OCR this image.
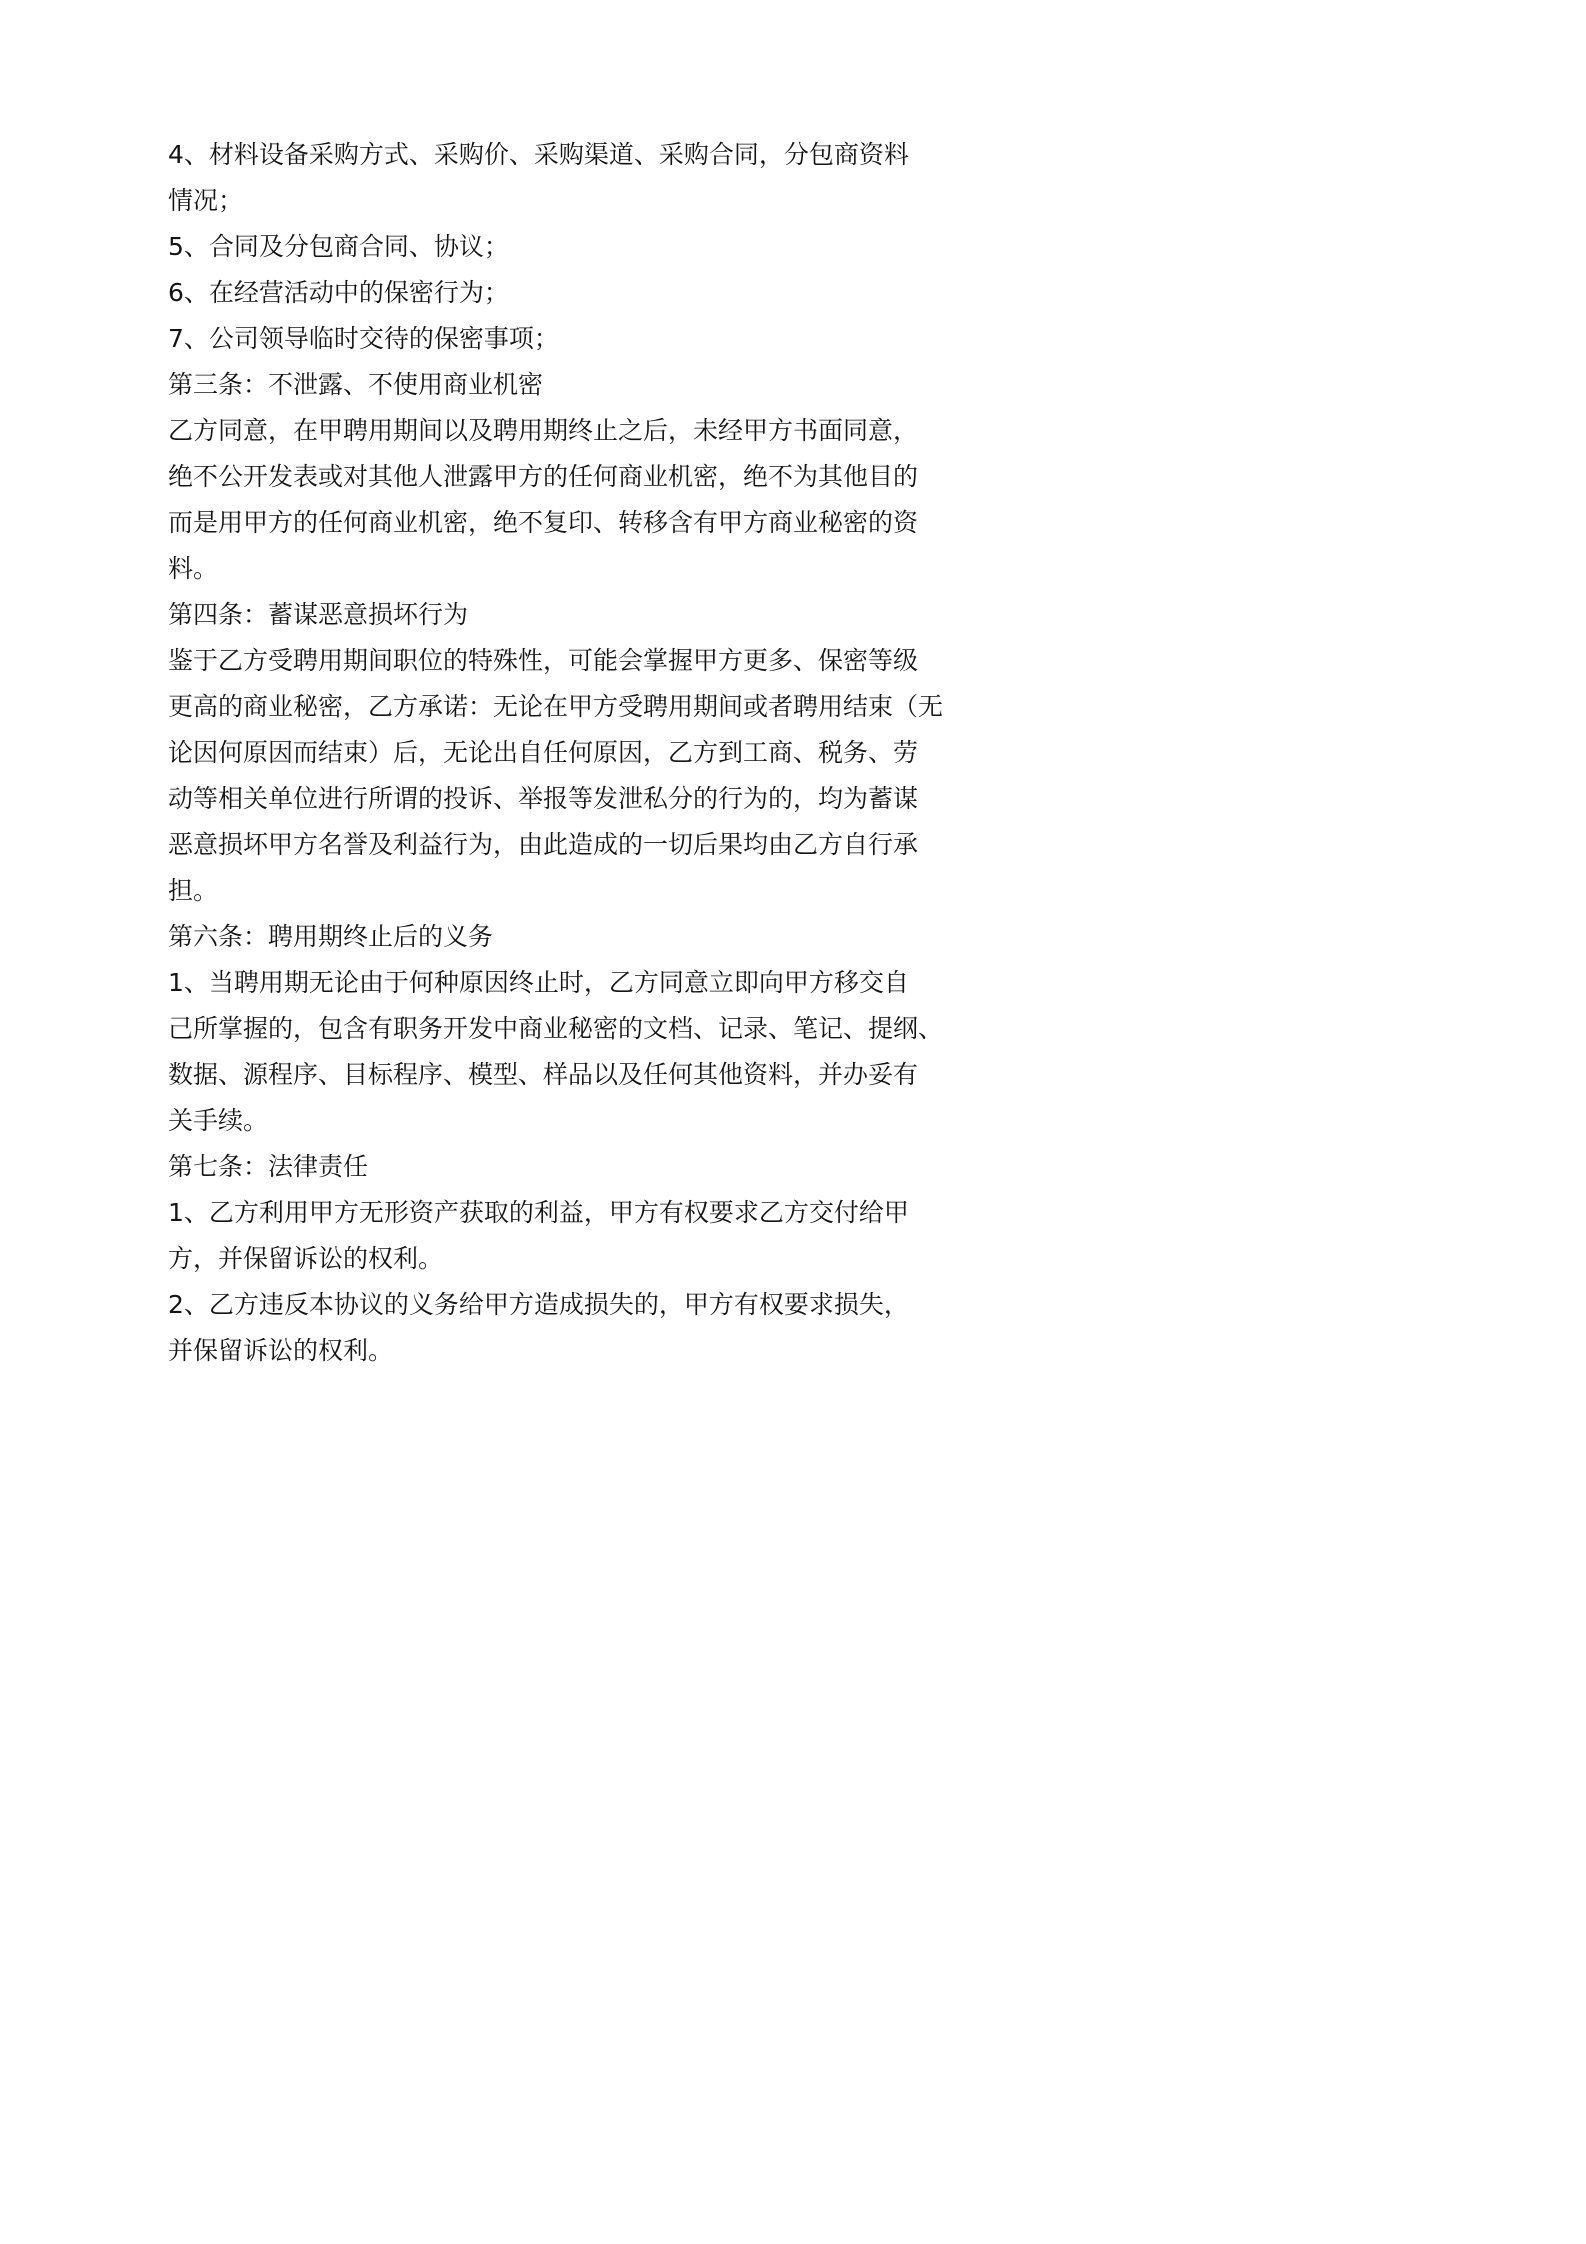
4、材料设备采购方式、采购价、采购渠道、采购合同，分包商资料

情况；

5、合同及分包商合同、协议；

6、在经营活动中的保密行为；

7、公司领导临时交待的保密事项；

第三条：不泄露、不使用商业机密

乙方同意，在甲聘用期间以及聘用期终止之后，未经甲方书面同意，

绝不公开发表或对其他人泄露甲方的任何商业机密，绝不为其他目的

而是用甲方的任何商业机密，绝不复印、转移含有甲方商业秘密的资

料。

第四条：蓄谋恶意损坏行为

鉴于乙方受聘用期间职位的特殊性，可能会掌握甲方更多、保密等级

更高的商业秘密，乙方承诺：无论在甲方受聘用期间或者聘用结束（无

论因何原因而结束）后，无论出自任何原因，乙方到工商、税务、劳

动等相关单位进行所谓的投诉、举报等发泄私分的行为的，均为蓄谋

恶意损坏甲方名誉及利益行为，由此造成的一切后果均由乙方自行承

担。

第六条：聘用期终止后的义务

1、当聘用期无论由于何种原因终止时，乙方同意立即向甲方移交自

己所掌握的，包含有职务开发中商业秘密的文档、记录、笔记、提纲、

数据、源程序、目标程序、模型、样品以及任何其他资料，并办妥有

关手续。

第七条：法律责任

1、乙方利用甲方无形资产获取的利益，甲方有权要求乙方交付给甲

方，并保留诉讼的权利。

2、乙方违反本协议的义务给甲方造成损失的，甲方有权要求损失，

并保留诉讼的权利。
